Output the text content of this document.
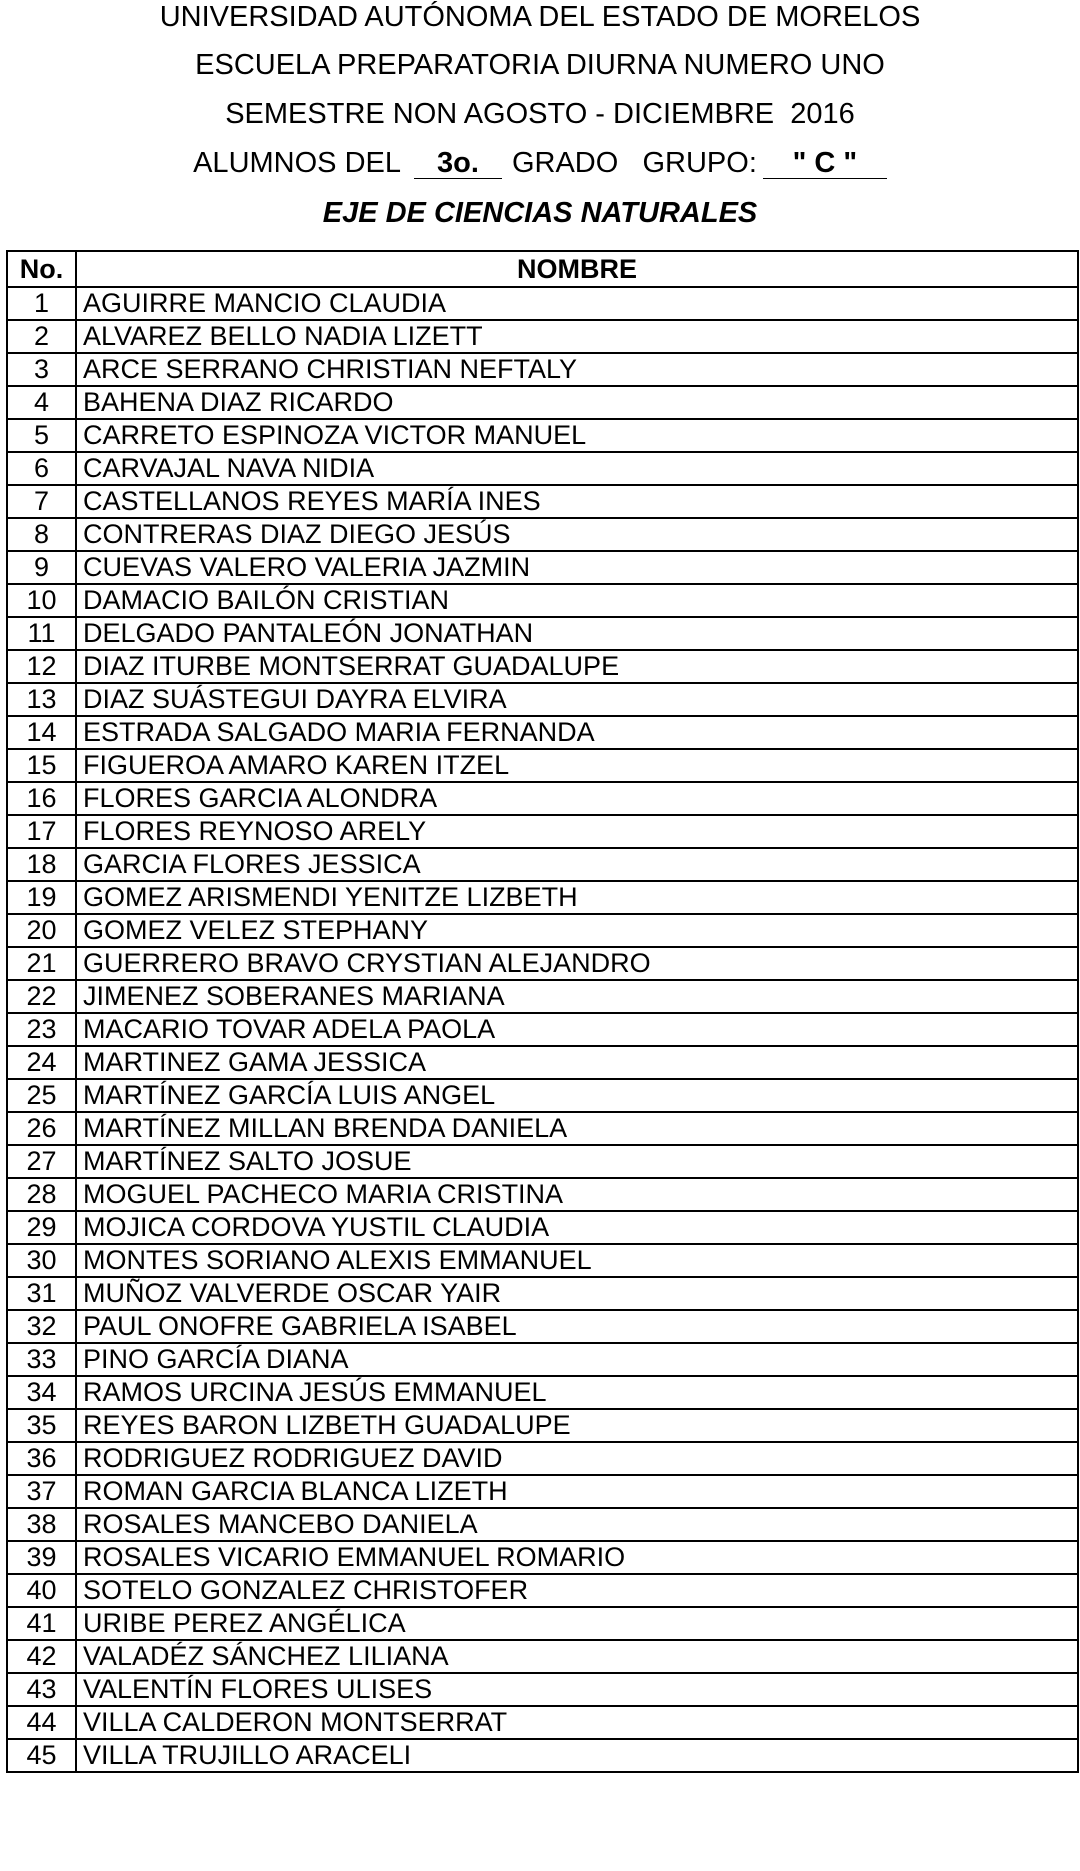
UNIVERSIDAD AUTÓNOMA DEL ESTADO DE MORELOS
ESCUELA PREPARATORIA DIURNA NUMERO UNO
SEMESTRE NON AGOSTO - DICIEMBRE  2016
ALUMNOS DEL 3o. GRADO GRUPO: " C "
EJE DE CIENCIAS NATURALES
No.	NOMBRE
1	AGUIRRE MANCIO CLAUDIA
2	ALVAREZ BELLO NADIA LIZETT
3	ARCE SERRANO CHRISTIAN NEFTALY
4	BAHENA DIAZ RICARDO
5	CARRETO ESPINOZA VICTOR MANUEL
6	CARVAJAL NAVA NIDIA
7	CASTELLANOS REYES MARÍA INES
8	CONTRERAS DIAZ DIEGO JESÚS
9	CUEVAS VALERO VALERIA JAZMIN
10	DAMACIO BAILÓN CRISTIAN
11	DELGADO PANTALEÓN JONATHAN
12	DIAZ ITURBE MONTSERRAT GUADALUPE
13	DIAZ SUÁSTEGUI DAYRA ELVIRA
14	ESTRADA SALGADO MARIA FERNANDA
15	FIGUEROA AMARO KAREN ITZEL
16	FLORES GARCIA ALONDRA
17	FLORES REYNOSO ARELY
18	GARCIA FLORES JESSICA
19	GOMEZ ARISMENDI YENITZE LIZBETH
20	GOMEZ VELEZ STEPHANY
21	GUERRERO BRAVO CRYSTIAN ALEJANDRO
22	JIMENEZ SOBERANES MARIANA
23	MACARIO TOVAR ADELA PAOLA
24	MARTINEZ GAMA JESSICA
25	MARTÍNEZ GARCÍA LUIS ANGEL
26	MARTÍNEZ MILLAN BRENDA DANIELA
27	MARTÍNEZ SALTO JOSUE
28	MOGUEL PACHECO MARIA CRISTINA
29	MOJICA CORDOVA YUSTIL CLAUDIA
30	MONTES SORIANO ALEXIS EMMANUEL
31	MUÑOZ VALVERDE OSCAR YAIR
32	PAUL ONOFRE GABRIELA ISABEL
33	PINO GARCÍA DIANA
34	RAMOS URCINA JESÚS EMMANUEL
35	REYES BARON LIZBETH GUADALUPE
36	RODRIGUEZ RODRIGUEZ DAVID
37	ROMAN GARCIA BLANCA LIZETH
38	ROSALES MANCEBO DANIELA
39	ROSALES VICARIO EMMANUEL ROMARIO
40	SOTELO GONZALEZ CHRISTOFER
41	URIBE PEREZ ANGÉLICA
42	VALADÉZ SÁNCHEZ LILIANA
43	VALENTÍN FLORES ULISES
44	VILLA CALDERON MONTSERRAT
45	VILLA TRUJILLO ARACELI
